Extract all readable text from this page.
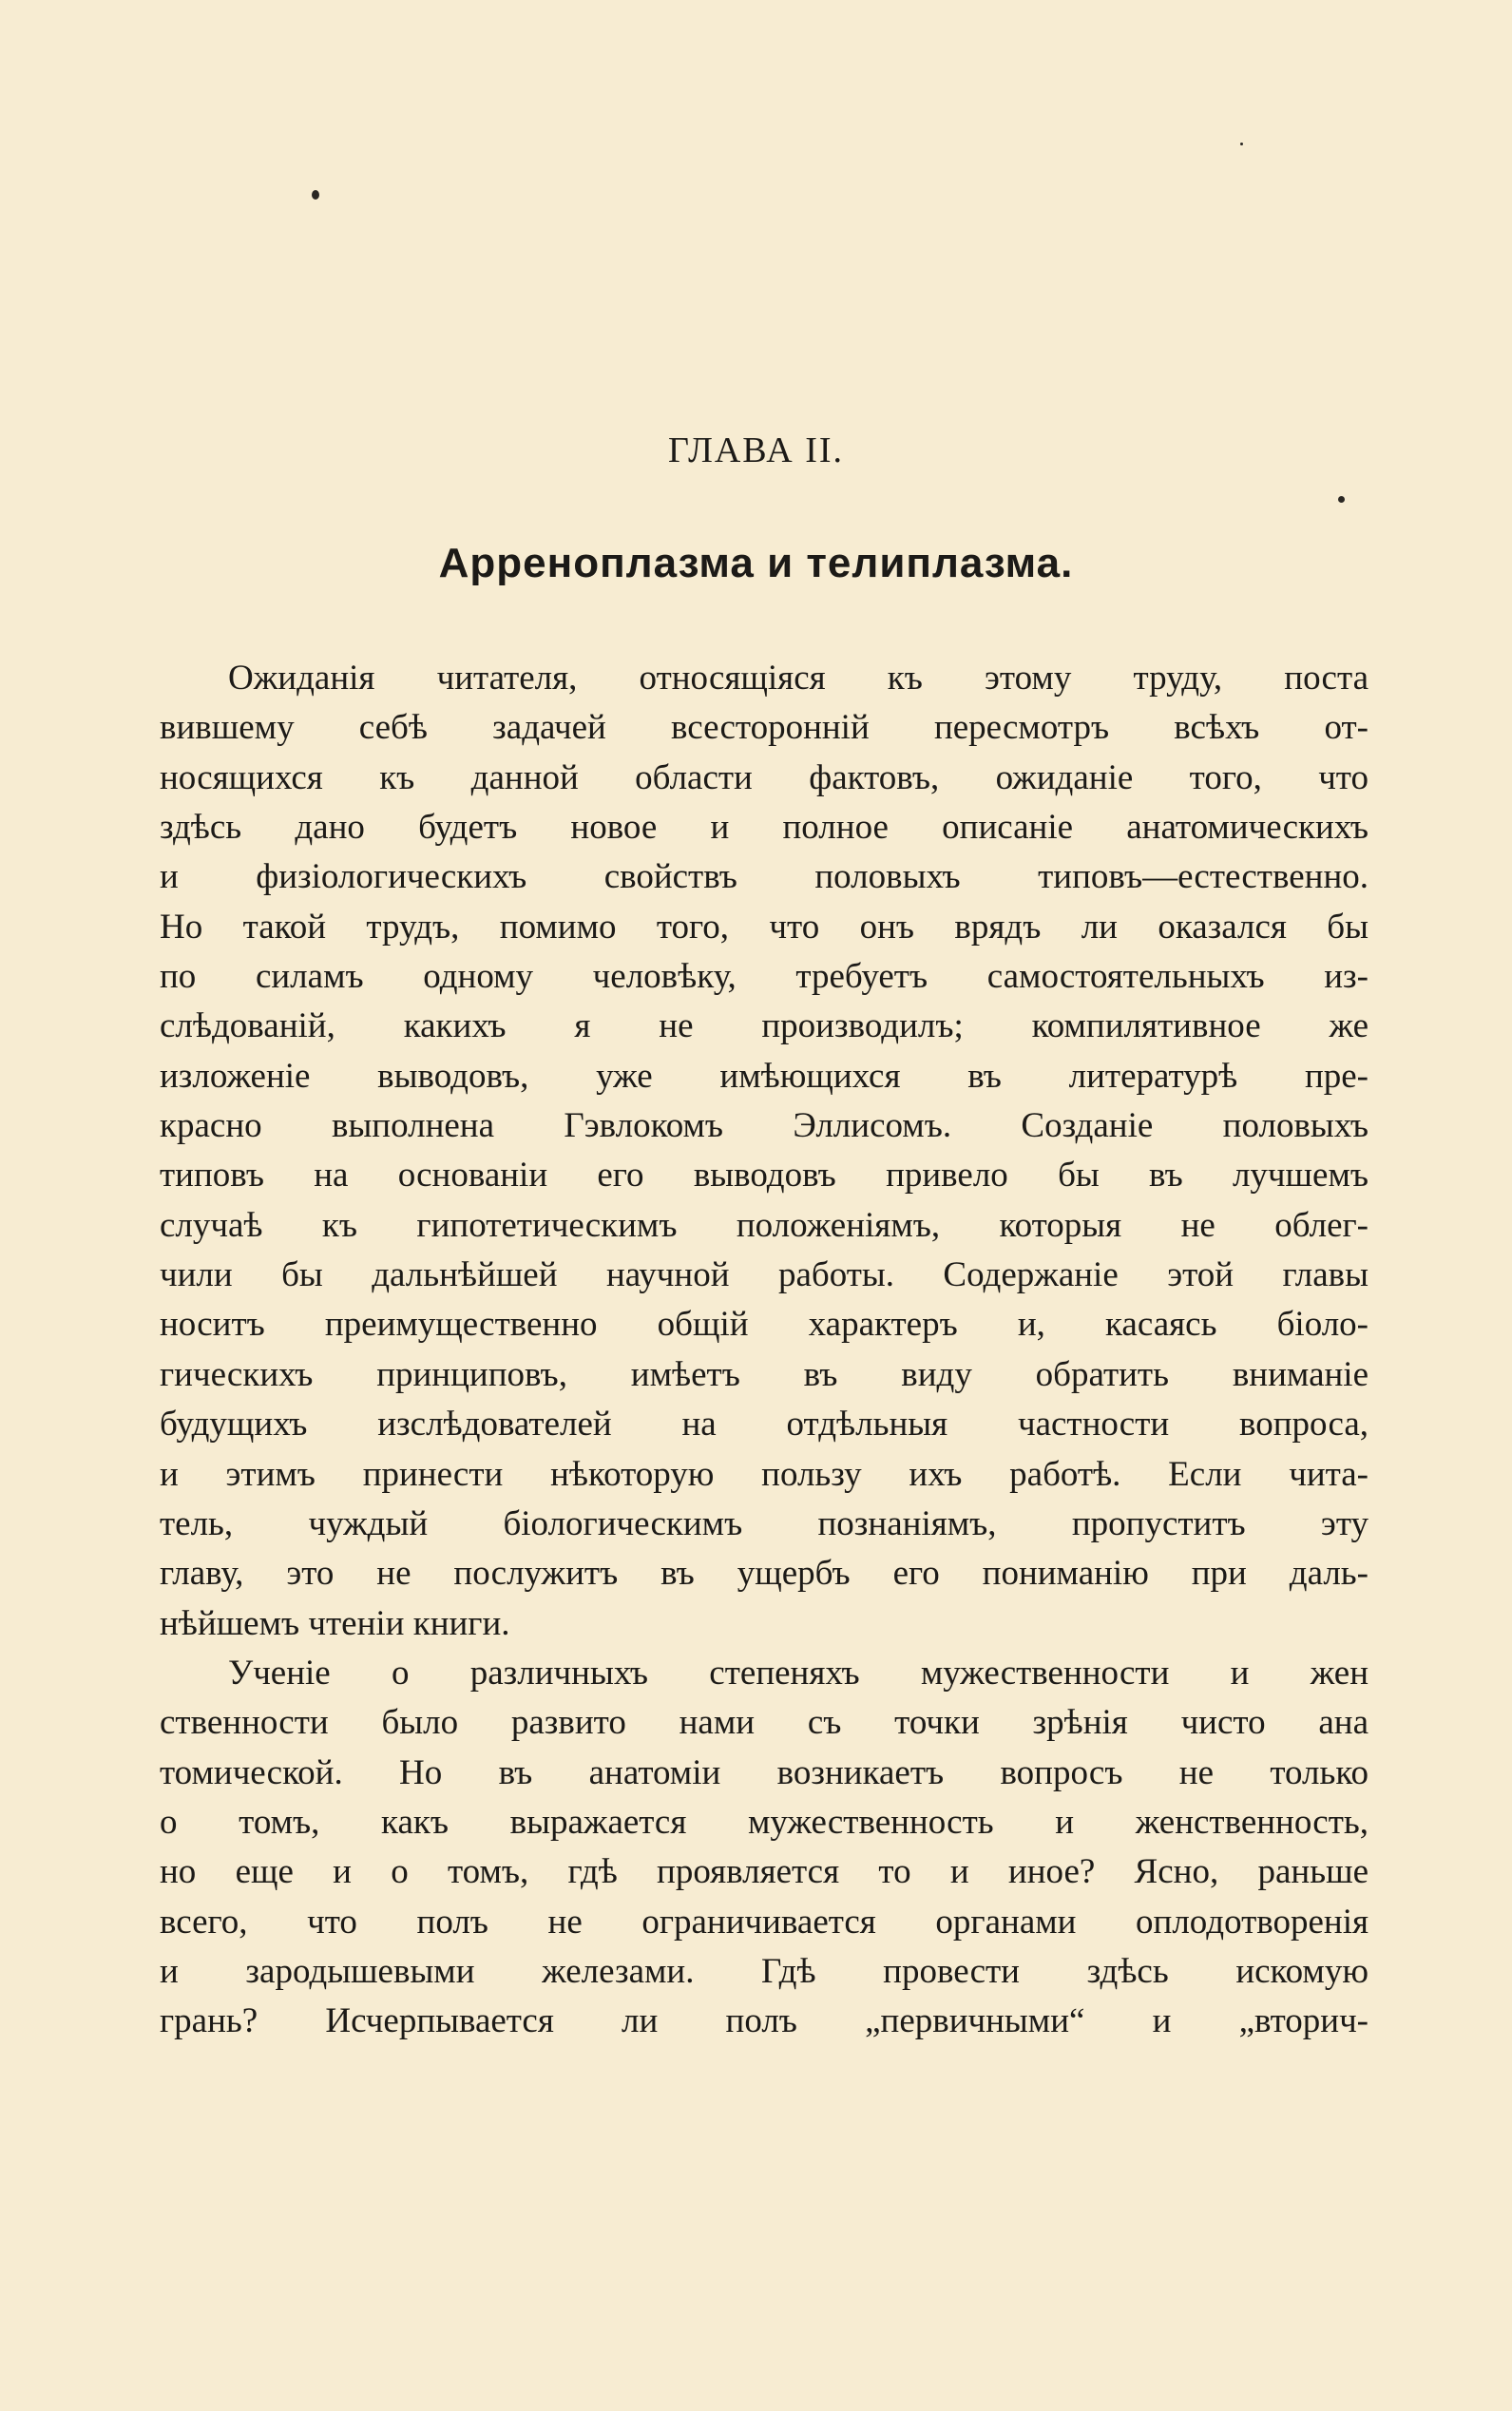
ГЛАВА II.
Арреноплазма и телиплазма.
Ожиданія читателя, относящіяся къ этому труду, поста
вившему себѣ задачей всесторонній пересмотръ всѣхъ от-
носящихся къ данной области фактовъ, ожиданіе того, что
здѣсь дано будетъ новое и полное описаніе анатомическихъ
и физіологическихъ свойствъ половыхъ типовъ—естественно.
Но такой трудъ, помимо того, что онъ врядъ ли оказался бы
по силамъ одному человѣку, требуетъ самостоятельныхъ из-
слѣдованій, какихъ я не производилъ; компилятивное же
изложеніе выводовъ, уже имѣющихся въ литературѣ пре-
красно выполнена Гэвлокомъ Эллисомъ. Созданіе половыхъ
типовъ на основаніи его выводовъ привело бы въ лучшемъ
случаѣ къ гипотетическимъ положеніямъ, которыя не облег-
чили бы дальнѣйшей научной работы. Содержаніе этой главы
носитъ преимущественно общій характеръ и, касаясь біоло-
гическихъ принциповъ, имѣетъ въ виду обратить вниманіе
будущихъ изслѣдователей на отдѣльныя частности вопроса,
и этимъ принести нѣкоторую пользу ихъ работѣ. Если чита-
тель, чуждый біологическимъ познаніямъ, пропуститъ эту
главу, это не послужитъ въ ущербъ его пониманію при даль-
нѣйшемъ чтеніи книги.
Ученіе о различныхъ степеняхъ мужественности и жен
ственности было развито нами съ точки зрѣнія чисто ана
томической. Но въ анатоміи возникаетъ вопросъ не только
о томъ, какъ выражается мужественность и женственность,
но еще и о томъ, гдѣ проявляется то и иное? Ясно, раньше
всего, что полъ не ограничивается органами оплодотворенія
и зародышевыми железами. Гдѣ провести здѣсь искомую
грань? Исчерпывается ли полъ „первичными“ и „вторич-
